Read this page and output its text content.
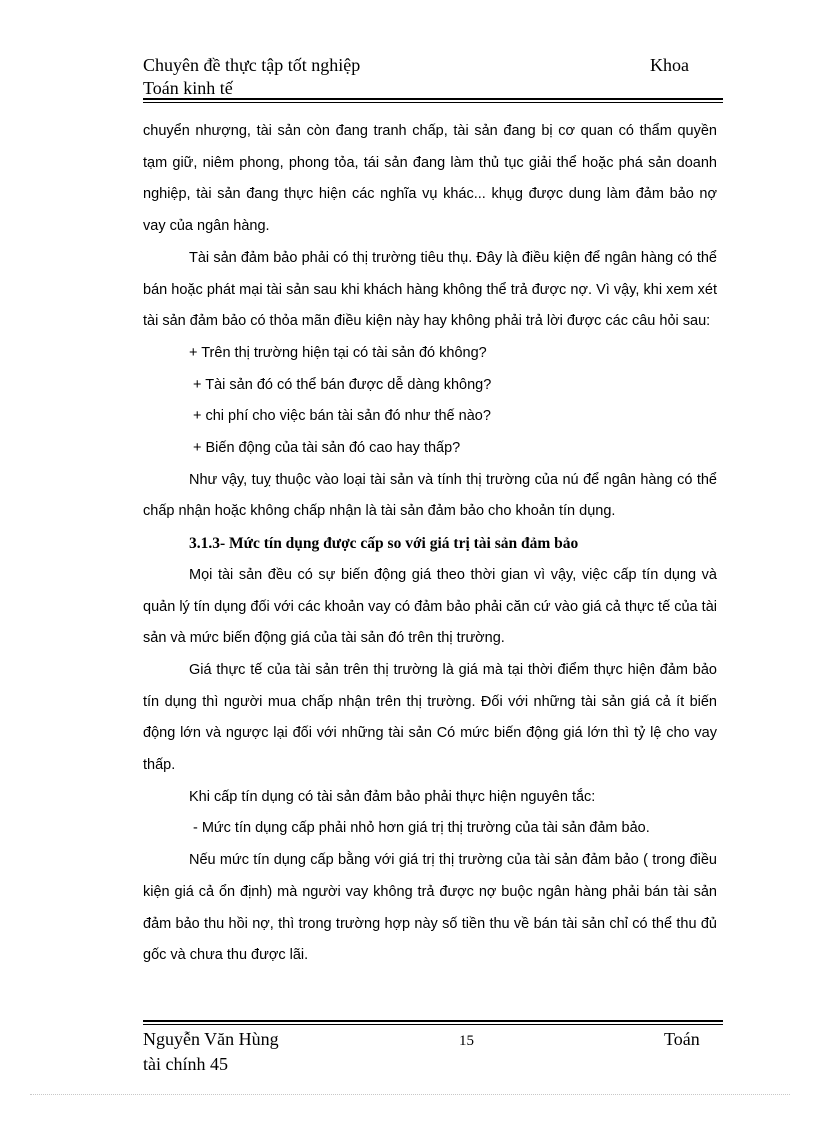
Chuyên đề thực tập tốt nghiệp	Khoa
Toán kinh tế

chuyển nhượng, tài sản còn đang tranh chấp, tài sản đang bị cơ quan có thẩm quyền tạm giữ, niêm phong, phong tỏa, tái sản đang làm thủ tục giải thể hoặc phá sản doanh nghiệp, tài sản đang thực hiện các nghĩa vụ khác... khụg được dung làm đảm bảo nợ vay của ngân hàng.

Tài sản đảm bảo phải có thị trường tiêu thụ. Đây là điều kiện để ngân hàng có thể bán hoặc phát mại tài sản sau khi khách hàng không thể trả được nợ. Vì vậy, khi xem xét tài sản đảm bảo có thỏa mãn điều kiện này hay không phải trả lời được các câu hỏi sau:

+ Trên thị trường hiện tại có tài sản đó không?

+ Tài sản đó có thể bán được dễ dàng không?

+ chi phí cho việc bán tài sản đó như thế nào?

+ Biến động của tài sản đó cao hay thấp?

Như vậy, tuỵ thuộc vào loại tài sản và tính thị trường của nú để ngân hàng có thể chấp nhận hoặc không chấp nhận là tài sản đảm bảo cho khoản tín dụng.

3.1.3- Mức tín dụng được cấp so với giá trị tài sản đảm bảo

Mọi tài sản đều có sự biến động giá theo thời gian vì vậy, việc cấp tín dụng và quản lý tín dụng đối với các khoản vay có đảm bảo phải căn cứ vào giá cả thực tế của tài sản và mức biến động giá của tài sản đó trên thị trường.

Giá thực tế của tài sản trên thị trường là giá mà tại thời điểm thực hiện đảm bảo tín dụng thì người mua chấp nhận trên thị trường. Đối với những tài sản giá cả ít biến động lớn và ngược lại đối với những tài sản Có mức biến động giá lớn thì tỷ lệ cho vay thấp.

Khi cấp tín dụng có tài sản đảm bảo phải thực hiện nguyên tắc:

- Mức tín dụng cấp phải nhỏ hơn giá trị thị trường của tài sản đảm bảo.

Nếu mức tín dụng cấp bằng với giá trị thị trường của tài sản đảm bảo ( trong điều kiện giá cả ổn định) mà người vay không trả được nợ buộc ngân hàng phải bán tài sản đảm bảo thu hồi nợ, thì trong trường hợp này số tiền thu về bán tài sản chỉ có thể thu đủ gốc và chưa thu được lãi.

Nguyễn Văn Hùng	15	Toán
tài chính 45
